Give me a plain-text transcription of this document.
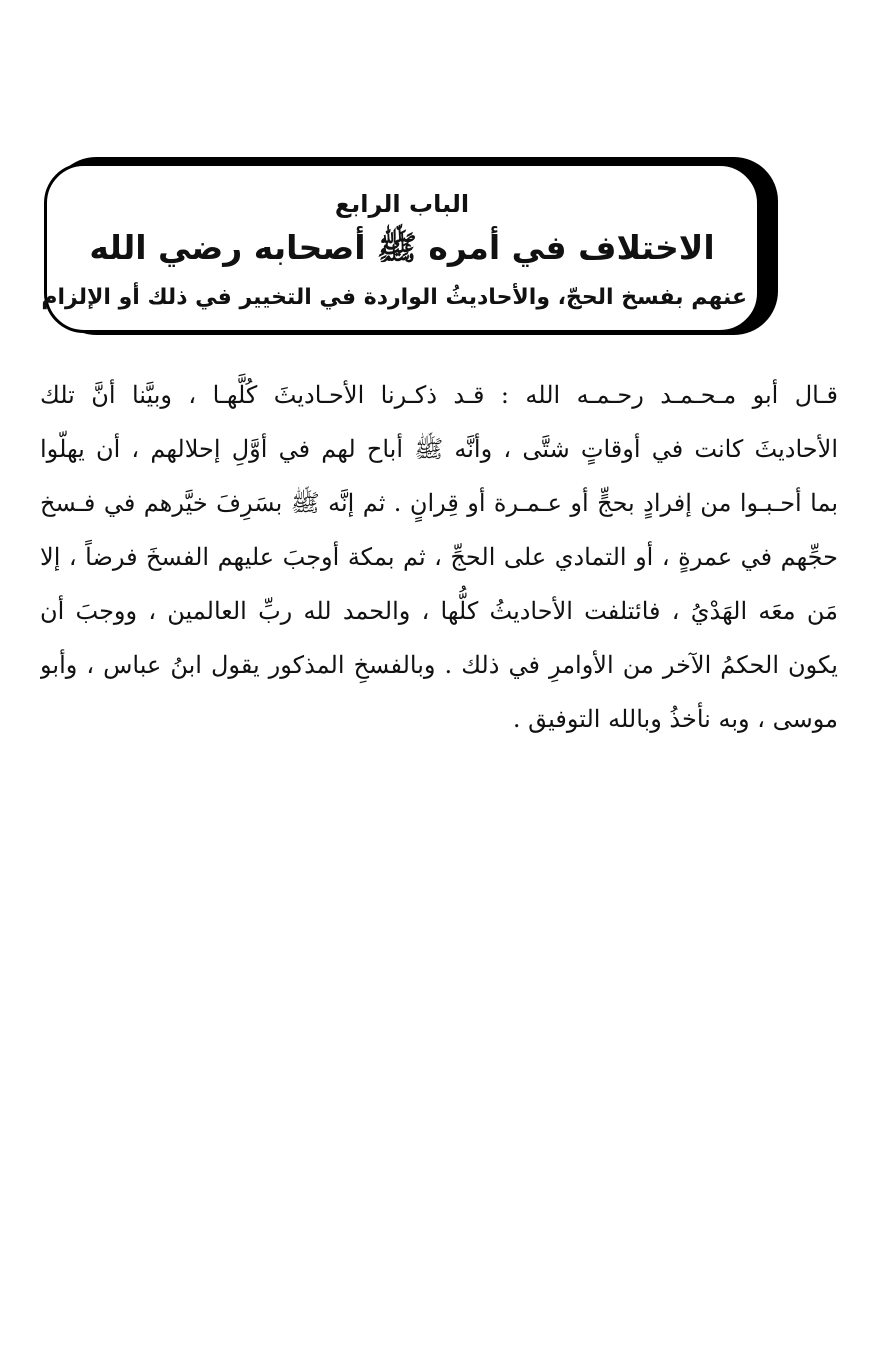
الباب الرابع
الاختلاف في أمره ﷺ أصحابه رضي الله
عنهم بفسخ الحجّ، والأحاديثُ الواردة في التخيير في ذلك أو الإلزام
قـال أبو مـحـمـد رحـمـه الله : قـد ذكـرنا الأحـاديثَ كُلَّهـا ، وبيَّنا أنَّ تلك
الأحاديثَ كانت في أوقاتٍ شتَّى ، وأنَّه ﷺ أباح لهم في أوَّلِ إحلالهم ، أن يهلّوا
بما أحـبـوا من إفرادٍ بحجٍّ أو عـمـرة أو قِرانٍ . ثم إنَّه ﷺ بسَرِفَ خيَّرهم في فـسخ
حجِّهم في عمرةٍ ، أو التمادي على الحجِّ ، ثم بمكة أوجبَ عليهم الفسخَ فرضاً ، إلا
مَن معَه الهَدْيُ ، فائتلفت الأحاديثُ كلُّها ، والحمد لله ربِّ العالمين ، ووجبَ أن
يكون الحكمُ الآخر من الأوامرِ في ذلك . وبالفسخِ المذكور يقول ابنُ عباس ، وأبو
موسى ، وبه نأخذُ وبالله التوفيق .
